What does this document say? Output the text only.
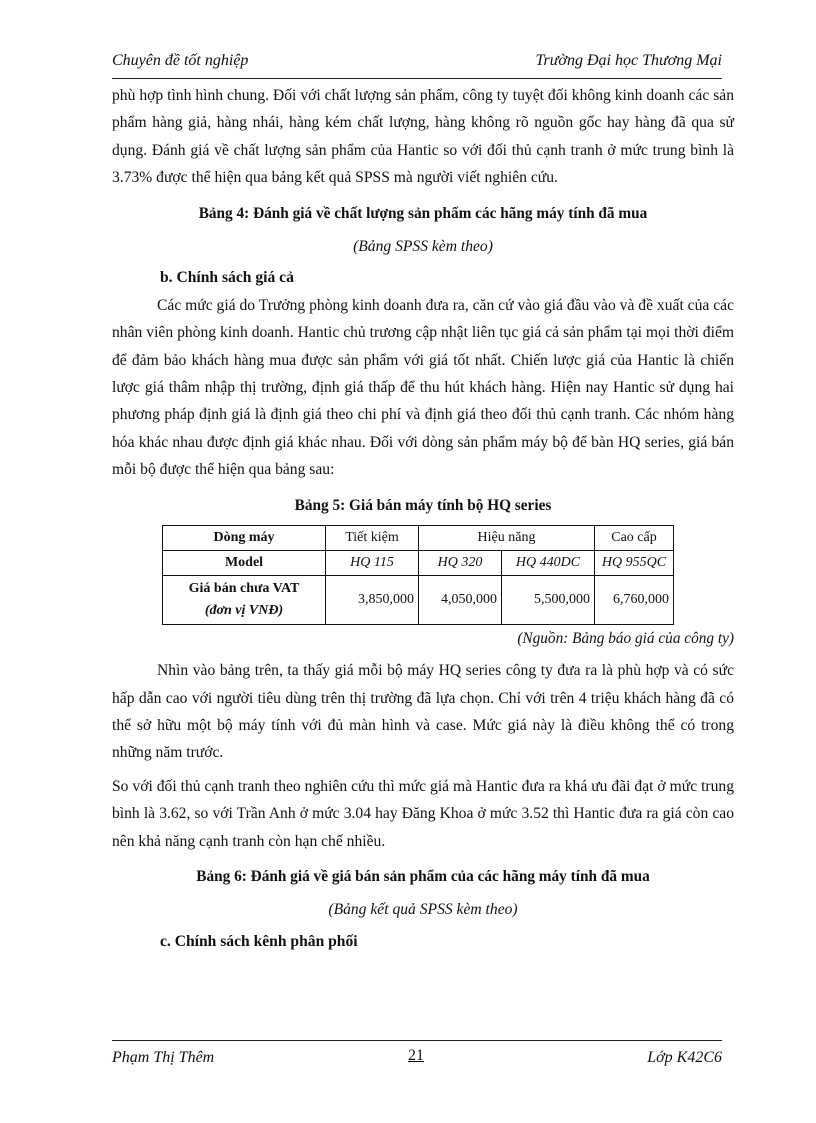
Chuyên đề tốt nghiệp	Trường Đại học Thương Mại

phù hợp tình hình chung. Đối với chất lượng sản phẩm, công ty tuyệt đối không kinh doanh các sản phẩm hàng giả, hàng nhái, hàng kém chất lượng, hàng không rõ nguồn gốc hay hàng đã qua sử dụng. Đánh giá về chất lượng sản phẩm của Hantic so với đối thủ cạnh tranh ở mức trung bình là 3.73% được thể hiện qua bảng kết quả SPSS mà người viết nghiên cứu.

Bảng 4: Đánh giá về chất lượng sản phẩm các hãng máy tính đã mua

(Bảng SPSS kèm theo)

b. Chính sách giá cả

Các mức giá do Trưởng phòng kinh doanh đưa ra, căn cứ vào giá đầu vào và đề xuất của các nhân viên phòng kinh doanh. Hantic chủ trương cập nhật liên tục giá cả sản phẩm tại mọi thời điểm để đảm bảo khách hàng mua được sản phẩm với giá tốt nhất. Chiến lược giá của Hantic là chiến lược giá thâm nhập thị trường, định giá thấp để thu hút khách hàng. Hiện nay Hantic sử dụng hai phương pháp định giá là định giá theo chi phí và định giá theo đối thủ cạnh tranh. Các nhóm hàng hóa khác nhau được định giá khác nhau. Đối với dòng sản phẩm máy bộ để bàn HQ series, giá bán mỗi bộ được thể hiện qua bảng sau:

Bảng 5: Giá bán máy tính bộ HQ series

Dòng máy	Tiết kiệm	Hiệu năng		Cao cấp
Model	HQ 115	HQ 320	HQ 440DC	HQ 955QC

Giá bán chưa VAT
(đơn vị VNĐ)	3,850,000	4,050,000	5,500,000	6,760,000

(Nguồn: Bảng báo giá của công ty)

Nhìn vào bảng trên, ta thấy giá mỗi bộ máy HQ series công ty đưa ra là phù hợp và có sức hấp dẫn cao với người tiêu dùng trên thị trường đã lựa chọn. Chỉ với trên 4 triệu khách hàng đã có thể sở hữu một bộ máy tính với đủ màn hình và case. Mức giá này là điều không thể có trong những năm trước.

So với đối thủ cạnh tranh theo nghiên cứu thì mức giá mà Hantic đưa ra khá ưu đãi đạt ở mức trung bình là 3.62, so với Trần Anh ở mức 3.04 hay Đăng Khoa ở mức 3.52 thì Hantic đưa ra giá còn cao nên khả năng cạnh tranh còn hạn chế nhiều.

Bảng 6: Đánh giá về giá bán sản phẩm của các hãng máy tính đã mua

(Bảng kết quả SPSS kèm theo)

c. Chính sách kênh phân phối

Phạm Thị Thêm	21	Lớp K42C6
